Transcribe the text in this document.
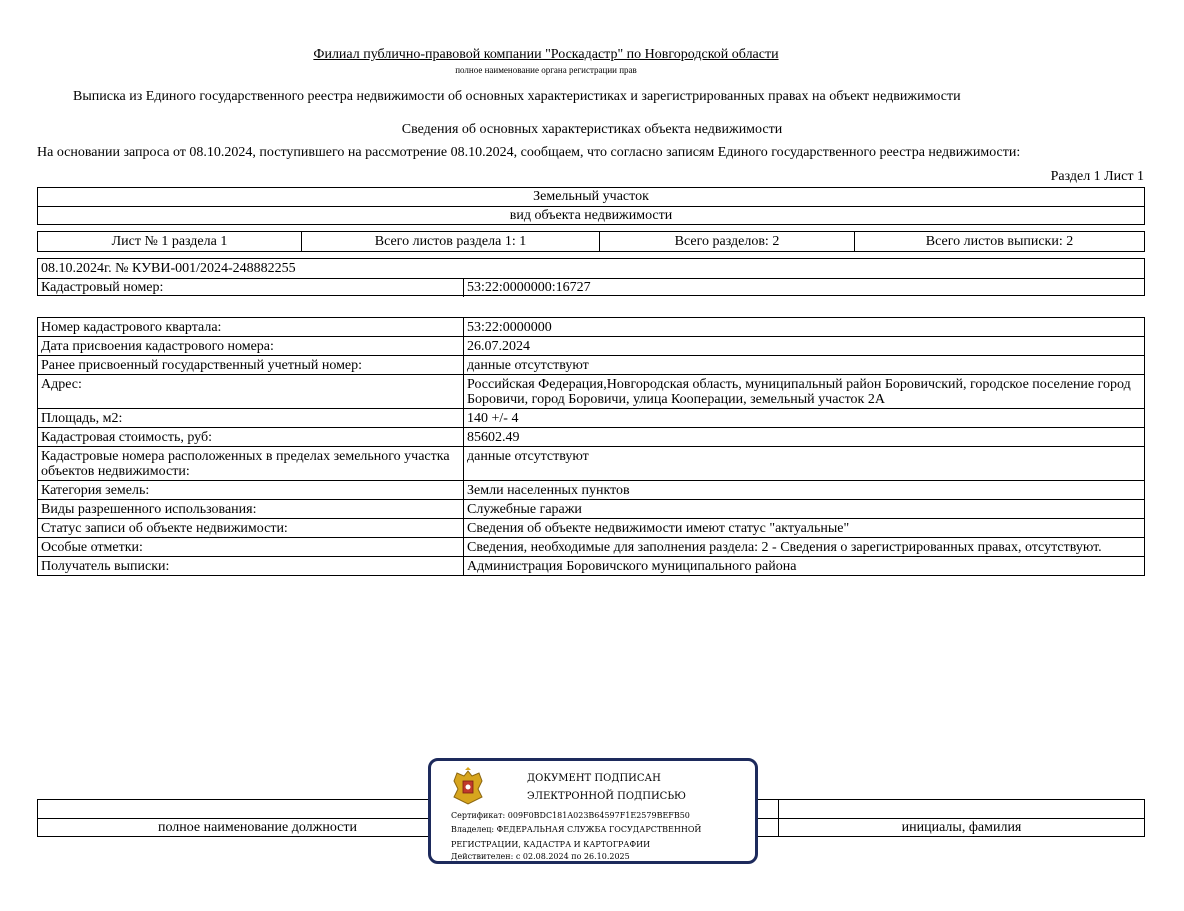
Филиал публично-правовой компании "Роскадастр" по Новгородской области
полное наименование органа регистрации прав
Выписка из Единого государственного реестра недвижимости об основных характеристиках и зарегистрированных правах на объект недвижимости
Сведения об основных характеристиках объекта недвижимости
На основании запроса от 08.10.2024, поступившего на рассмотрение 08.10.2024, сообщаем, что согласно записям Единого государственного реестра недвижимости:
Раздел 1 Лист 1
Земельный участок
вид объекта недвижимости
Лист № 1 раздела 1	Всего листов раздела 1: 1	Всего разделов: 2	Всего листов выписки: 2
08.10.2024г. № КУВИ-001/2024-248882255
Кадастровый номер:	53:22:0000000:16727
Номер кадастрового квартала:	53:22:0000000
Дата присвоения кадастрового номера:	26.07.2024
Ранее присвоенный государственный учетный номер:	данные отсутствуют
Адрес:	Российская Федерация,Новгородская область, муниципальный район Боровичский, городское поселение город Боровичи, город Боровичи, улица Кооперации, земельный участок 2А
Площадь, м2:	140 +/- 4
Кадастровая стоимость, руб:	85602.49
Кадастровые номера расположенных в пределах земельного участка объектов недвижимости:
данные отсутствуют
Категория земель:	Земли населенных пунктов
Виды разрешенного использования:	Служебные гаражи
Статус записи об объекте недвижимости:	Сведения об объекте недвижимости имеют статус "актуальные"
Особые отметки:	Сведения, необходимые для заполнения раздела: 2 - Сведения о зарегистрированных правах, отсутствуют.
Получатель выписки:	Администрация Боровичского муниципального района
полное наименование должности	инициалы, фамилия
ДОКУМЕНТ ПОДПИСАН
ЭЛЕКТРОННОЙ ПОДПИСЬЮ
Сертификат: 009F0BDC181A023B64597F1E2579BEFB50
Владелец: ФЕДЕРАЛЬНАЯ СЛУЖБА ГОСУДАРСТВЕННОЙ
РЕГИСТРАЦИИ, КАДАСТРА И КАРТОГРАФИИ
Действителен: с 02.08.2024 по 26.10.2025
